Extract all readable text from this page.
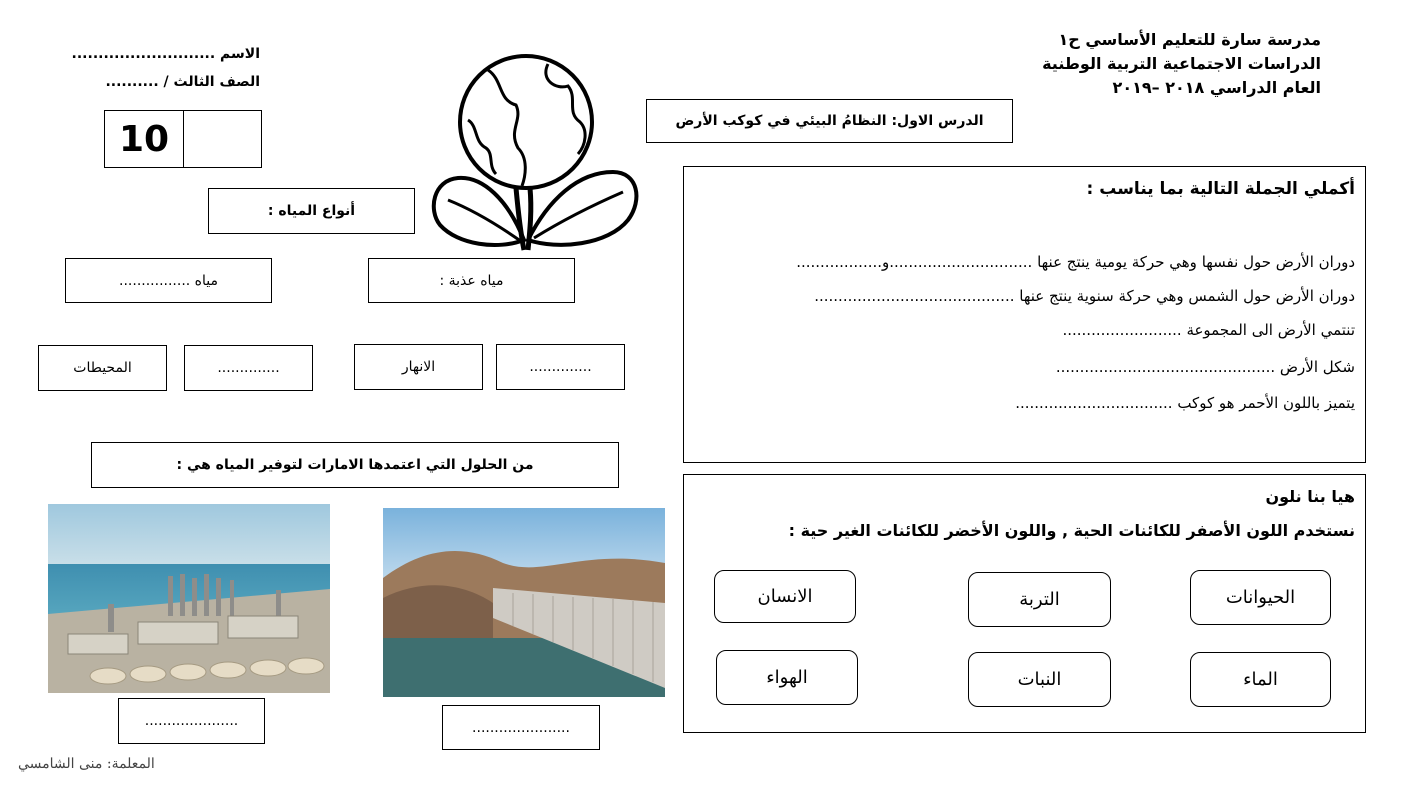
مدرسة سارة للتعليم الأساسي ح١
الدراسات الاجتماعية التربية الوطنية
العام الدراسي ٢٠١٨ –٢٠١٩
الدرس الاول: النظامُ البيئي في كوكب الأرض
الاسم ...........................
الصف الثالث / ..........
10
أنواع المياه :
مياه عذبة :
مياه ................
..............
الانهار
..............
المحيطات
من الحلول التي اعتمدها الامارات لتوفير المياه هي :
.....................	......................
المعلمة: منى الشامسي
أكملي الجملة التالية بما يناسب :
دوران الأرض حول نفسها وهي حركة يومية ينتج عنها ..............................و..................
دوران الأرض حول الشمس وهي حركة سنوية ينتج عنها ..........................................
تنتمي الأرض الى المجموعة .........................
شكل الأرض ..............................................
يتميز باللون الأحمر هو كوكب .................................
هيا بنا نلون
نستخدم اللون الأصفر للكائنات الحية , واللون الأخضر للكائنات الغير حية :
الحيوانات
التربة
الانسان
الماء
النبات
الهواء
